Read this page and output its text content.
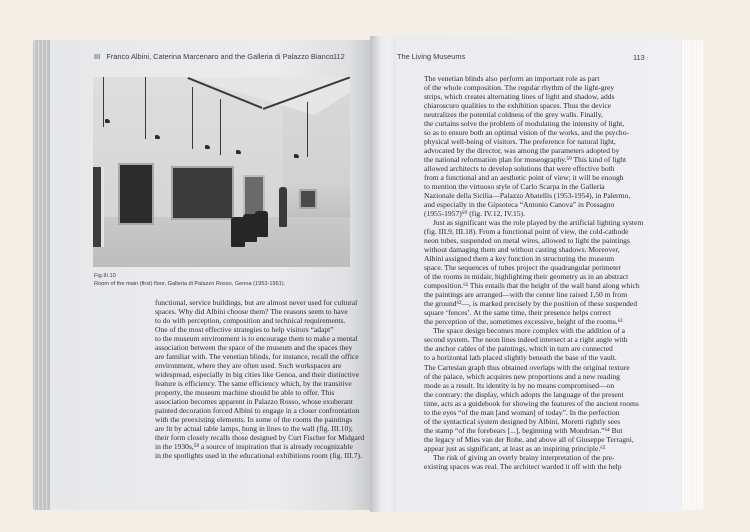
III Franco Albini, Caterina Marcenaro and the Galleria di Palazzo Bianco 112
Fig.III.10
Room of the main (first) floor, Galleria di Palazzo Rosso, Genoa (1953-1961).
functional, service buildings, but are almost never used for cultural
spaces. Why did Albini choose them? The reasons seem to have
to do with perception, composition and technical requirements.
One of the most effective strategies to help visitors “adapt”
to the museum environment is to encourage them to make a mental
association between the space of the museum and the spaces they
are familiar with. The venetian blinds, for instance, recall the office
environment, where they are often used. Such workspaces are
widespread, especially in big cities like Genoa, and their distinctive
feature is efficiency. The same efficiency which, by the transitive
property, the museum machine should be able to offer. This
association becomes apparent in Palazzo Rosso, whose exuberant
painted decoration forced Albini to engage in a closer confrontation
with the preexisting elements. In some of the rooms the paintings
are lit by actual table lamps, hung in lines to the wall (fig. III.10);
their form closely recalls those designed by Curt Fischer for Midgard
in the 1930s,⁵⁸ a source of inspiration that is already recognizable
in the spotlights used in the educational exhibitions room (fig. III.7).
The Living Museums	113
The venetian blinds also perform an important role as part
of the whole composition. The regular rhythm of the light-grey
strips, which creates alternating lines of light and shadow, adds
chiaroscuro qualities to the exhibition spaces. Thus the device
neutralizes the potential coldness of the grey walls. Finally,
the curtains solve the problem of modulating the intensity of light,
so as to ensure both an optimal vision of the works, and the psycho-
physical well-being of visitors. The preference for natural light,
advocated by the director, was among the parameters adopted by
the national reformation plan for museography.⁵⁹ This kind of light
allowed architects to develop solutions that were effective both
from a functional and an aesthetic point of view; it will be enough
to mention the virtuoso style of Carlo Scarpa in the Galleria
Nazionale della Sicilia—Palazzo Abatellis (1953-1954), in Palermo,
and especially in the Gipsoteca “Antonio Canova” in Possagno
(1955-1957)⁶⁰ (fig. IV.12, IV.15).
Just as significant was the role played by the artificial lighting system
(fig. III.9, III.18). From a functional point of view, the cold-cathode
neon tubes, suspended on metal wires, allowed to light the paintings
without damaging them and without casting shadows. Moreover,
Albini assigned them a key function in structuring the museum
space. The sequences of tubes project the quadrangular perimeter
of the rooms in midair, highlighting their geometry as in an abstract
composition.⁶¹ This entails that the height of the wall band along which
the paintings are arranged—with the center line raised 1,50 m from
the ground⁶²—, is marked precisely by the position of these suspended
square ‘fences’. At the same time, their presence helps correct
the perception of the, sometimes excessive, height of the rooms.⁶³
The space design becomes more complex with the addition of a
second system. The neon lines indeed intersect at a right angle with
the anchor cables of the paintings, which in turn are connected
to a horizontal lath placed slightly beneath the base of the vault.
The Cartesian graph thus obtained overlaps with the original texture
of the palace, which acquires new proportions and a new reading
mode as a result. Its identity is by no means compromised—on
the contrary: the display, which adopts the language of the present
time, acts as a guidebook for showing the features of the ancient rooms
to the eyes “of the man [and woman] of today”. In the perfection
of the syntactical system designed by Albini, Moretti rightly sees
the stamp “of the forebears [...], beginning with Mondrian.”⁶⁴ But
the legacy of Mies van der Rohe, and above all of Giuseppe Terragni,
appear just as significant, at least as an inspiring principle.⁶⁵
The risk of giving an overly brainy interpretation of the pre-
existing spaces was real. The architect warded it off with the help
